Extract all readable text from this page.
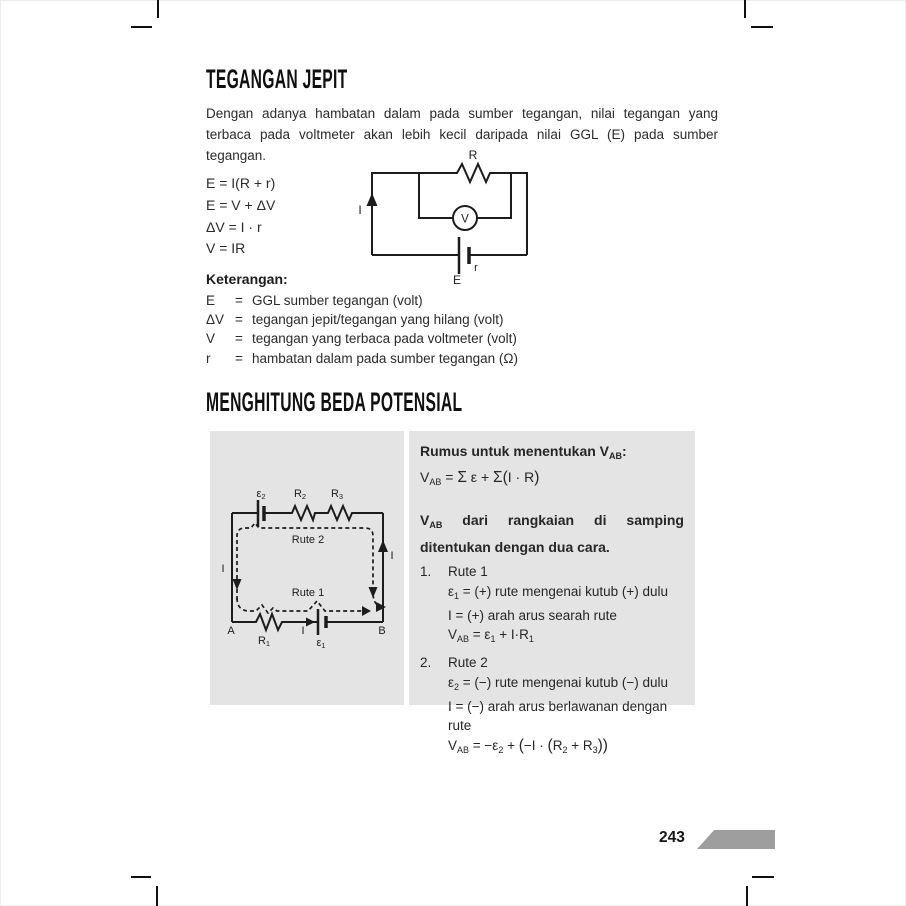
TEGANGAN JEPIT
Dengan adanya hambatan dalam pada sumber tegangan, nilai tegangan yang terbaca pada voltmeter akan lebih kecil daripada nilai GGL (E) pada sumber tegangan.
E = I(R + r)
E = V + ΔV
ΔV = I · r
V = IR
R
V
I
E
r
Keterangan:
E	= GGL sumber tegangan (volt)
ΔV = tegangan jepit/tegangan yang hilang (volt)
V	= tegangan yang terbaca pada voltmeter (volt)
r	= hambatan dalam pada sumber tegangan (Ω)
MENGHITUNG BEDA POTENSIAL
ε2	R2 R3
Rute 2
Rute 1
I
I
I
A	B
R1	ε1
Rumus untuk menentukan $V_{AB}$:
$V_{AB} = \Sigma$ ε + Σ(I · R)
$V_{AB}$ dari rangkaian di samping ditentukan dengan dua cara.
1.	Rute 1
$\varepsilon_1$ = (+) rute mengenai kutub (+) dulu
I = (+) arah arus searah rute
$V_{AB} = \varepsilon_1 + I\cdot R_1$
2.	Rute 2
$\varepsilon_2$ = (−) rute mengenai kutub (−) dulu
I = (−) arah arus berlawanan dengan rute
$V_{AB} = -\varepsilon_2 + (-I \cdot (R_2 + R_3))$
243
